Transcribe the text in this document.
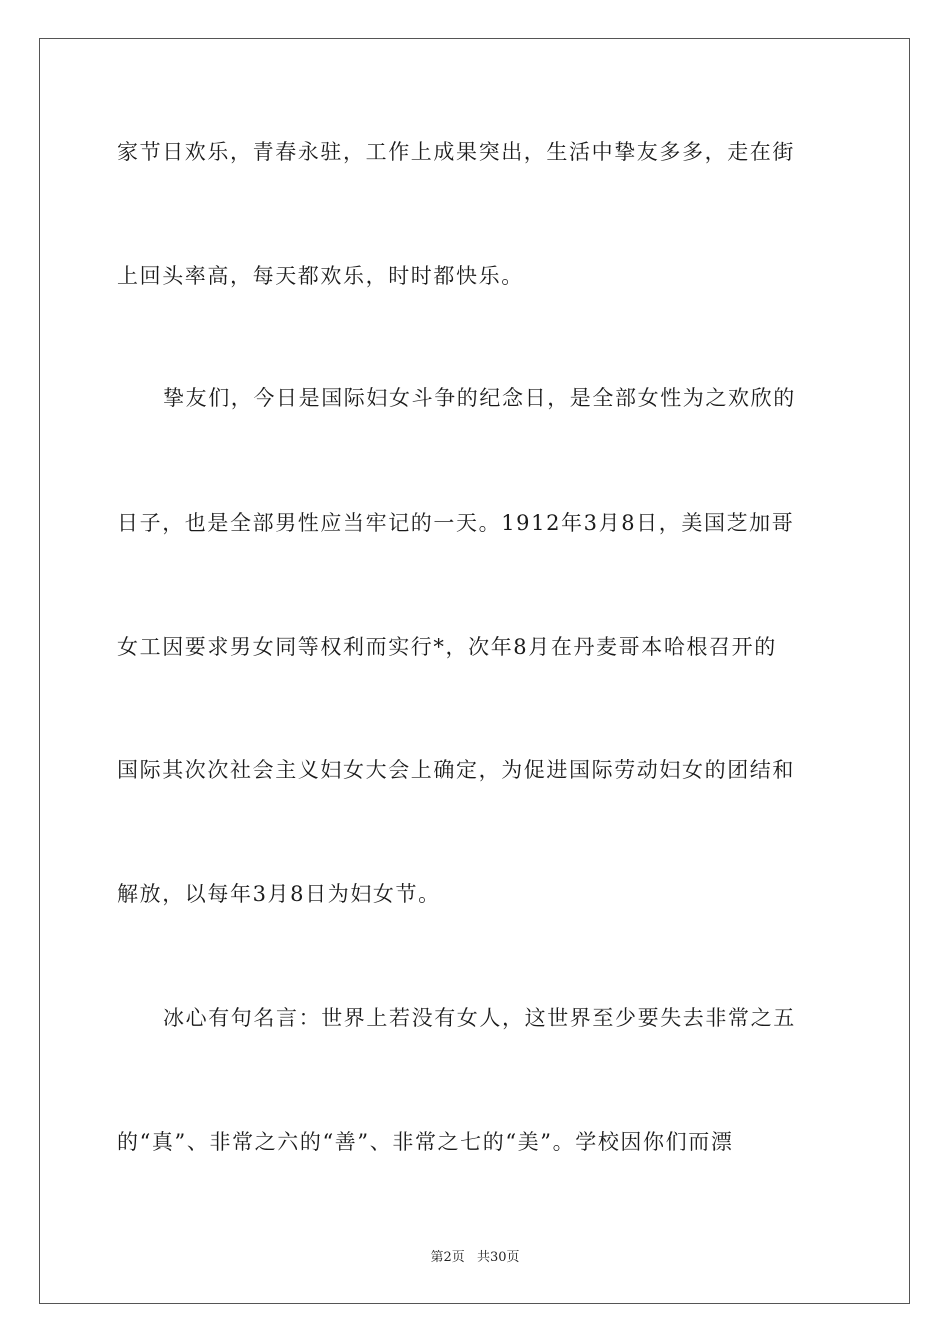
家节日欢乐，青春永驻，工作上成果突出，生活中挚友多多，走在街
上回头率高，每天都欢乐，时时都快乐。
挚友们，今日是国际妇女斗争的纪念日，是全部女性为之欢欣的
日子，也是全部男性应当牢记的一天。1912年3月8日，美国芝加哥
女工因要求男女同等权利而实行*，次年8月在丹麦哥本哈根召开的
国际其次次社会主义妇女大会上确定，为促进国际劳动妇女的团结和
解放，以每年3月8日为妇女节。
冰心有句名言：世界上若没有女人，这世界至少要失去非常之五
的“真”、非常之六的“善”、非常之七的“美”。学校因你们而漂
第2页 共30页
